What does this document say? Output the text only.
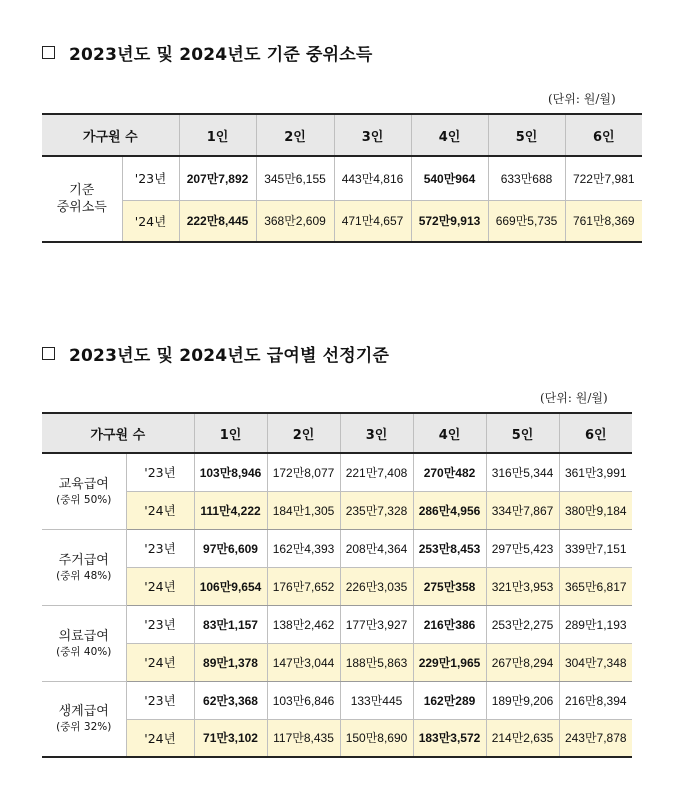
2023년도 및 2024년도 기준 중위소득
(단위: 원/월)
가구원 수		1인	2인	3인	4인	5인	6인
기준
중위소득	'23년	207만7,892	345만6,155	443만4,816	540만964	633만688	722만7,981
	'24년	222만8,445	368만2,609	471만4,657	572만9,913	669만5,735	761만8,369
2023년도 및 2024년도 급여별 선정기준
(단위: 원/월)
가구원 수		1인	2인	3인	4인	5인	6인
교육급여
(중위 50%)	'23년	103만8,946	172만8,077	221만7,408	270만482	316만5,344	361만3,991
	'24년	111만4,222	184만1,305	235만7,328	286만4,956	334만7,867	380만9,184
주거급여
(중위 48%)	'23년	97만6,609	162만4,393	208만4,364	253만8,453	297만5,423	339만7,151
	'24년	106만9,654	176만7,652	226만3,035	275만358	321만3,953	365만6,817
의료급여
(중위 40%)	'23년	83만1,157	138만2,462	177만3,927	216만386	253만2,275	289만1,193
	'24년	89만1,378	147만3,044	188만5,863	229만1,965	267만8,294	304만7,348
생계급여
(중위 32%)	'23년	62만3,368	103만6,846	133만445	162만289	189만9,206	216만8,394
	'24년	71만3,102	117만8,435	150만8,690	183만3,572	214만2,635	243만7,878
